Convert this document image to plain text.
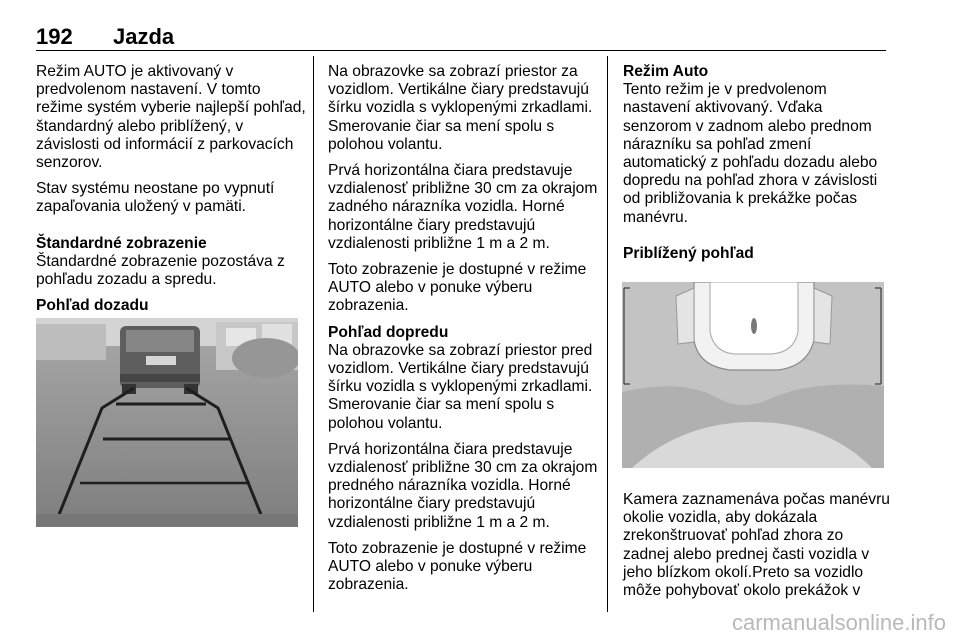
192 Jazda

Režim AUTO je aktivovaný v predvolenom nastavení. V tomto režime systém vyberie najlepší pohľad, štandardný alebo priblížený, v závislosti od informácií z parkovacích senzorov.

Stav systému neostane po vypnutí zapaľovania uložený v pamäti.

Štandardné zobrazenie

Štandardné zobrazenie pozostáva z pohľadu zozadu a spredu.

Pohľad dozadu

Na obrazovke sa zobrazí priestor za vozidlom. Vertikálne čiary predstavujú šírku vozidla s vyklopenými zrkadlami. Smerovanie čiar sa mení spolu s polohou volantu.

Prvá horizontálna čiara predstavuje vzdialenosť približne 30 cm za okrajom zadného nárazníka vozidla. Horné horizontálne čiary predstavujú vzdialenosti približne 1 m a 2 m.

Toto zobrazenie je dostupné v režime AUTO alebo v ponuke výberu zobrazenia.

Pohľad dopredu

Na obrazovke sa zobrazí priestor pred vozidlom. Vertikálne čiary predstavujú šírku vozidla s vyklopenými zrkadlami. Smerovanie čiar sa mení spolu s polohou volantu.

Prvá horizontálna čiara predstavuje vzdialenosť približne 30 cm za okrajom predného nárazníka vozidla. Horné horizontálne čiary predstavujú vzdialenosti približne 1 m a 2 m.

Toto zobrazenie je dostupné v režime AUTO alebo v ponuke výberu zobrazenia.

Režim Auto

Tento režim je v predvolenom nastavení aktivovaný. Vďaka senzorom v zadnom alebo prednom nárazníku sa pohľad zmení automatický z pohľadu dozadu alebo dopredu na pohľad zhora v závislosti od približovania k prekážke počas manévru.

Priblížený pohľad

Kamera zaznamenáva počas manévru okolie vozidla, aby dokázala zrekonštruovať pohľad zhora zo zadnej alebo prednej časti vozidla v jeho blízkom okolí.Preto sa vozidlo môže pohybovať okolo prekážok v

carmanualsonline.info
